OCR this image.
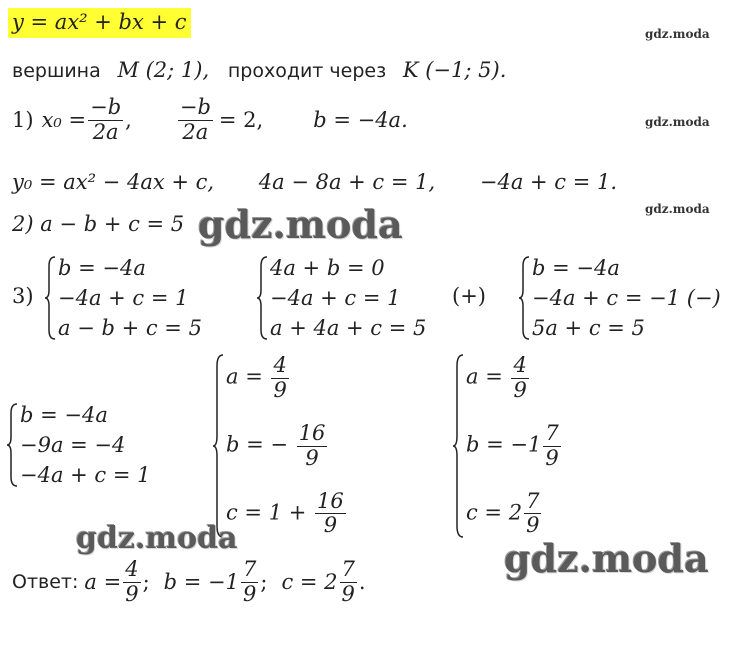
y = ax² + bx + c	gdz.moda
gdz.moda
gdz.moda
вершина M (2; 1), проходит через K (−1; 5).
1) $x_0 = \frac{-b}{2a}$ , $\frac{-b}{2a} = 2$, b = −4a.
y₀ = ax² − 4ax + c, 4a − 8a + c = 1, −4a + c = 1.
2) a − b + c = 5 gdz.moda
3)
b = −4a
−4a + c = 1
a − b + c = 5
4a + b = 0
−4a + c = 1
a + 4a + c = 5
(+)
b = −4a
−4a + c = −1 (−)
5a + c = 5
b = −4a
−9a = −4
−4a + c = 1
$a = \frac{4}{9}$
b = − $\frac{16}{9}$
$c = 1 + \frac{16}{9}$
$a = \frac{4}{9}$
$b = -1 \frac{7}{9}$
$c = 2 \frac{7}{9}$
gdz.moda	gdz.moda
Ответ: $a = \frac{4}{9}$ ; $b = -1 \frac{7}{9}$ ; $c = 2 \frac{7}{9}$ .
